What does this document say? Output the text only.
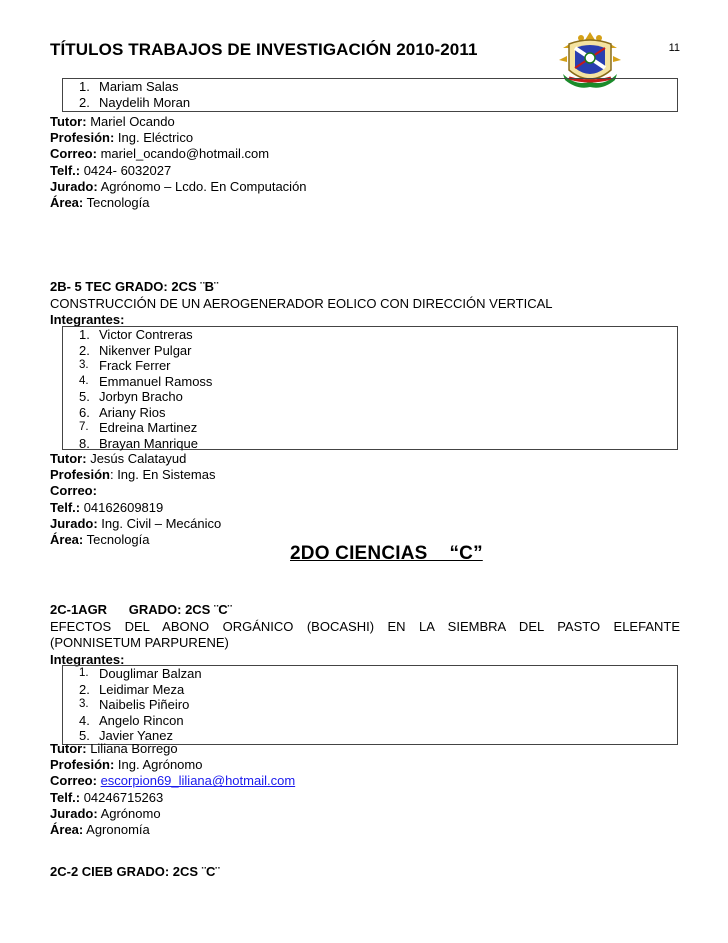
TÍTULOS TRABAJOS DE INVESTIGACIÓN 2010-2011	11
1. Mariam Salas
2. Naydelih Moran
Tutor: Mariel Ocando
Profesión: Ing. Eléctrico
Correo: mariel_ocando@hotmail.com
Telf.: 0424- 6032027
Jurado: Agrónomo – Lcdo. En Computación
Área: Tecnología
2B- 5 TEC GRADO: 2CS ¨B¨
CONSTRUCCIÓN DE UN AEROGENERADOR EOLICO CON DIRECCIÓN VERTICAL
Integrantes:
1. Victor Contreras
2. Nikenver Pulgar
3. Frack Ferrer
4. Emmanuel Ramoss
5. Jorbyn Bracho
6. Ariany Rios
7. Edreina Martinez
8. Brayan Manrique
Tutor: Jesús Calatayud
Profesión: Ing. En Sistemas
Correo:
Telf.: 04162609819
Jurado: Ing. Civil – Mecánico
Área: Tecnología
2DO CIENCIAS    “C”
2C-1AGR      GRADO: 2CS ¨C¨
EFECTOS DEL ABONO ORGÁNICO (BOCASHI) EN LA SIEMBRA DEL PASTO ELEFANTE
(PONNISETUM PARPURENE)
Integrantes:
1. Douglimar Balzan
2. Leidimar Meza
3. Naibelis Piñeiro
4. Angelo Rincon
5. Javier Yanez
Tutor: Liliana Borrego
Profesión: Ing. Agrónomo
Correo: escorpion69_liliana@hotmail.com
Telf.: 04246715263
Jurado: Agrónomo
Área: Agronomía
2C-2 CIEB GRADO: 2CS ¨C¨
